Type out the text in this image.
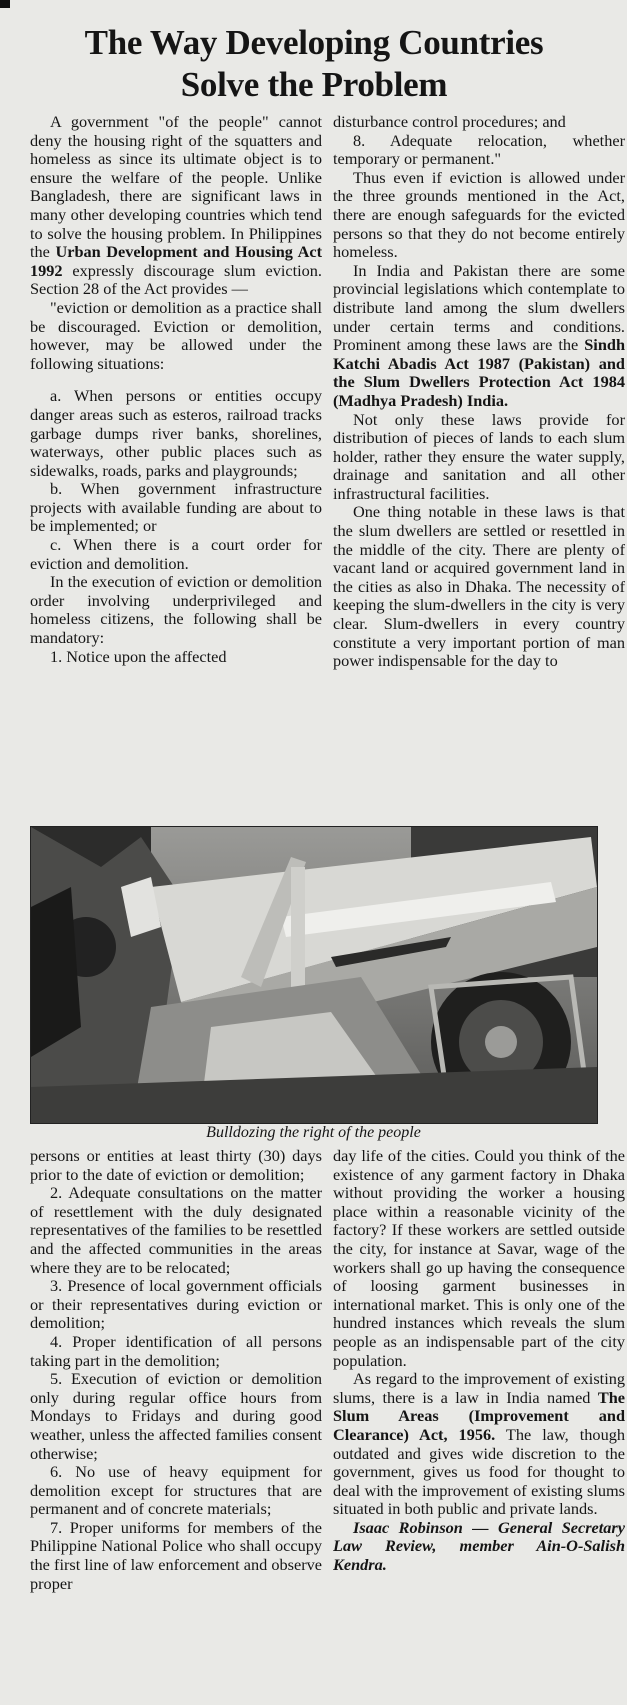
The Way Developing Countries
Solve the Problem

A government "of the people" cannot deny the housing right of the squatters and homeless as since its ultimate object is to ensure the welfare of the people. Unlike Bangladesh, there are significant laws in many other developing countries which tend to solve the housing problem. In Philippines the Urban Development and Housing Act 1992 expressly discourage slum eviction. Section 28 of the Act provides —

"eviction or demolition as a practice shall be discouraged. Eviction or demolition, however, may be allowed under the following situations:

a. When persons or entities occupy danger areas such as esteros, railroad tracks garbage dumps river banks, shorelines, waterways, other public places such as sidewalks, roads, parks and playgrounds;

b. When government infrastructure projects with available funding are about to be implemented; or

c. When there is a court order for eviction and demolition.

In the execution of eviction or demolition order involving underprivileged and homeless citizens, the following shall be mandatory:

1. Notice upon the affected

disturbance control procedures; and

8. Adequate relocation, whether temporary or permanent."

Thus even if eviction is allowed under the three grounds mentioned in the Act, there are enough safeguards for the evicted persons so that they do not become entirely homeless.

In India and Pakistan there are some provincial legislations which contemplate to distribute land among the slum dwellers under certain terms and conditions. Prominent among these laws are the Sindh Katchi Abadis Act 1987 (Pakistan) and the Slum Dwellers Protection Act 1984 (Madhya Pradesh) India.

Not only these laws provide for distribution of pieces of lands to each slum holder, rather they ensure the water supply, drainage and sanitation and all other infrastructural facilities.

One thing notable in these laws is that the slum dwellers are settled or resettled in the middle of the city. There are plenty of vacant land or acquired government land in the cities as also in Dhaka. The necessity of keeping the slum-dwellers in the city is very clear. Slum-dwellers in every country constitute a very important portion of man power indispensable for the day to

Bulldozing the right of the people

persons or entities at least thirty (30) days prior to the date of eviction or demolition;

2. Adequate consultations on the matter of resettlement with the duly designated representatives of the families to be resettled and the affected communities in the areas where they are to be relocated;

3. Presence of local government officials or their representatives during eviction or demolition;

4. Proper identification of all persons taking part in the demolition;

5. Execution of eviction or demolition only during regular office hours from Mondays to Fridays and during good weather, unless the affected families consent otherwise;

6. No use of heavy equipment for demolition except for structures that are permanent and of concrete materials;

7. Proper uniforms for members of the Philippine National Police who shall occupy the first line of law enforcement and observe proper

day life of the cities. Could you think of the existence of any garment factory in Dhaka without providing the worker a housing place within a reasonable vicinity of the factory? If these workers are settled outside the city, for instance at Savar, wage of the workers shall go up having the consequence of loosing garment businesses in international market. This is only one of the hundred instances which reveals the slum people as an indispensable part of the city population.

As regard to the improvement of existing slums, there is a law in India named The Slum Areas (Improvement and Clearance) Act, 1956. The law, though outdated and gives wide discretion to the government, gives us food for thought to deal with the improvement of existing slums situated in both public and private lands.

Isaac Robinson — General Secretary Law Review, member Ain-O-Salish Kendra.
